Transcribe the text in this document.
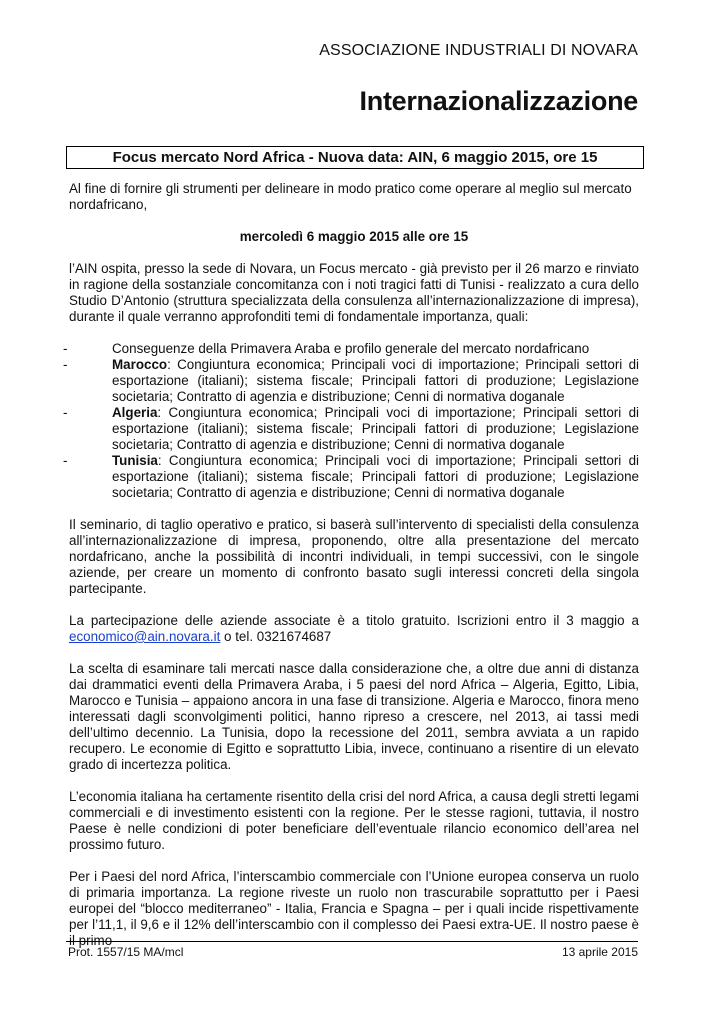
ASSOCIAZIONE INDUSTRIALI DI NOVARA
Internazionalizzazione
Focus mercato Nord Africa - Nuova data: AIN, 6 maggio 2015, ore 15

Al fine di fornire gli strumenti per delineare in modo pratico come operare al meglio sul mercato nordafricano,

mercoledì 6 maggio 2015 alle ore 15

l’AIN ospita, presso la sede di Novara, un Focus mercato - già previsto per il 26 marzo e rinviato in ragione della sostanziale concomitanza con i noti tragici fatti di Tunisi - realizzato a cura dello Studio D’Antonio (struttura specializzata della consulenza all’internazionalizzazione di impresa), durante il quale verranno approfonditi temi di fondamentale importanza, quali:

-	Conseguenze della Primavera Araba e profilo generale del mercato nordafricano
-	Marocco: Congiuntura economica; Principali voci di importazione; Principali settori di esportazione (italiani); sistema fiscale; Principali fattori di produzione; Legislazione societaria; Contratto di agenzia e distribuzione; Cenni di normativa doganale
-	Algeria: Congiuntura economica; Principali voci di importazione; Principali settori di esportazione (italiani); sistema fiscale; Principali fattori di produzione; Legislazione societaria; Contratto di agenzia e distribuzione; Cenni di normativa doganale
-	Tunisia: Congiuntura economica; Principali voci di importazione; Principali settori di esportazione (italiani); sistema fiscale; Principali fattori di produzione; Legislazione societaria; Contratto di agenzia e distribuzione; Cenni di normativa doganale

Il seminario, di taglio operativo e pratico, si baserà sull’intervento di specialisti della consulenza all’internazionalizzazione di impresa, proponendo, oltre alla presentazione del mercato nordafricano, anche la possibilità di incontri individuali, in tempi successivi, con le singole aziende, per creare un momento di confronto basato sugli interessi concreti della singola partecipante.

La partecipazione delle aziende associate è a titolo gratuito. Iscrizioni entro il 3 maggio a economico@ain.novara.it o tel. 0321674687

La scelta di esaminare tali mercati nasce dalla considerazione che, a oltre due anni di distanza dai drammatici eventi della Primavera Araba, i 5 paesi del nord Africa – Algeria, Egitto, Libia, Marocco e Tunisia – appaiono ancora in una fase di transizione. Algeria e Marocco, finora meno interessati dagli sconvolgimenti politici, hanno ripreso a crescere, nel 2013, ai tassi medi dell’ultimo decennio. La Tunisia, dopo la recessione del 2011, sembra avviata a un rapido recupero. Le economie di Egitto e soprattutto Libia, invece, continuano a risentire di un elevato grado di incertezza politica.

L’economia italiana ha certamente risentito della crisi del nord Africa, a causa degli stretti legami commerciali e di investimento esistenti con la regione. Per le stesse ragioni, tuttavia, il nostro Paese è nelle condizioni di poter beneficiare dell’eventuale rilancio economico dell’area nel prossimo futuro.

Per i Paesi del nord Africa, l’interscambio commerciale con l’Unione europea conserva un ruolo di primaria importanza. La regione riveste un ruolo non trascurabile soprattutto per i Paesi europei del “blocco mediterraneo” - Italia, Francia e Spagna – per i quali incide rispettivamente per l’11,1, il 9,6 e il 12% dell’interscambio con il complesso dei Paesi extra-UE. Il nostro paese è il primo

Prot. 1557/15 MA/mcl	13 aprile 2015
